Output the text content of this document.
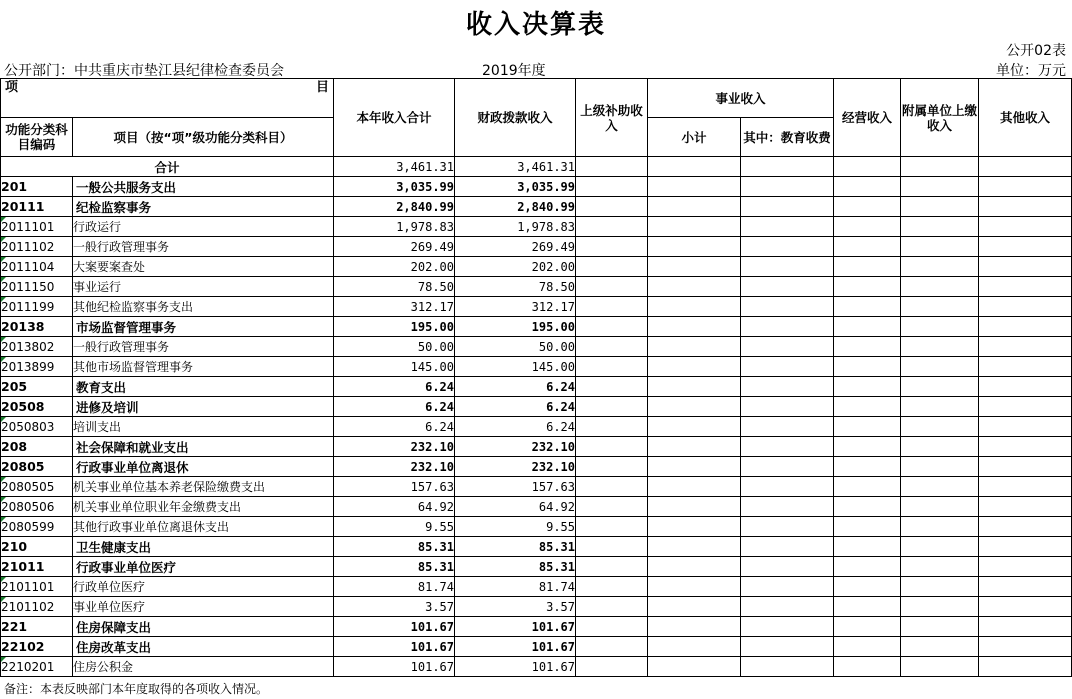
收入决算表
公开02表
公开部门：中共重庆市垫江县纪律检查委员会	2019年度	单位：万元
项 目		本年收入合计	财政拨款收入	上级补助收入	事业收入		经营收入	附属单位上缴收入	其他收入
功能分类科目编码	项目（按“项”级功能分类科目）				小计	其中：教育收费			

合计		3,461.31	3,461.31						
201	一般公共服务支出	3,035.99	3,035.99						
20111	纪检监察事务	2,840.99	2,840.99						
2011101	行政运行	1,978.83	1,978.83						
2011102	一般行政管理事务	269.49	269.49						
2011104	大案要案查处	202.00	202.00						
2011150	事业运行	78.50	78.50						
2011199	其他纪检监察事务支出	312.17	312.17						
20138	市场监督管理事务	195.00	195.00						
2013802	一般行政管理事务	50.00	50.00						
2013899	其他市场监督管理事务	145.00	145.00						
205	教育支出	6.24	6.24						
20508	进修及培训	6.24	6.24						
2050803	培训支出	6.24	6.24						
208	社会保障和就业支出	232.10	232.10						
20805	行政事业单位离退休	232.10	232.10						
2080505	机关事业单位基本养老保险缴费支出	157.63	157.63						
2080506	机关事业单位职业年金缴费支出	64.92	64.92						
2080599	其他行政事业单位离退休支出	9.55	9.55						
210	卫生健康支出	85.31	85.31						
21011	行政事业单位医疗	85.31	85.31						
2101101	行政单位医疗	81.74	81.74						
2101102	事业单位医疗	3.57	3.57						
221	住房保障支出	101.67	101.67						
22102	住房改革支出	101.67	101.67						
2210201	住房公积金	101.67	101.67						
备注：本表反映部门本年度取得的各项收入情况。
